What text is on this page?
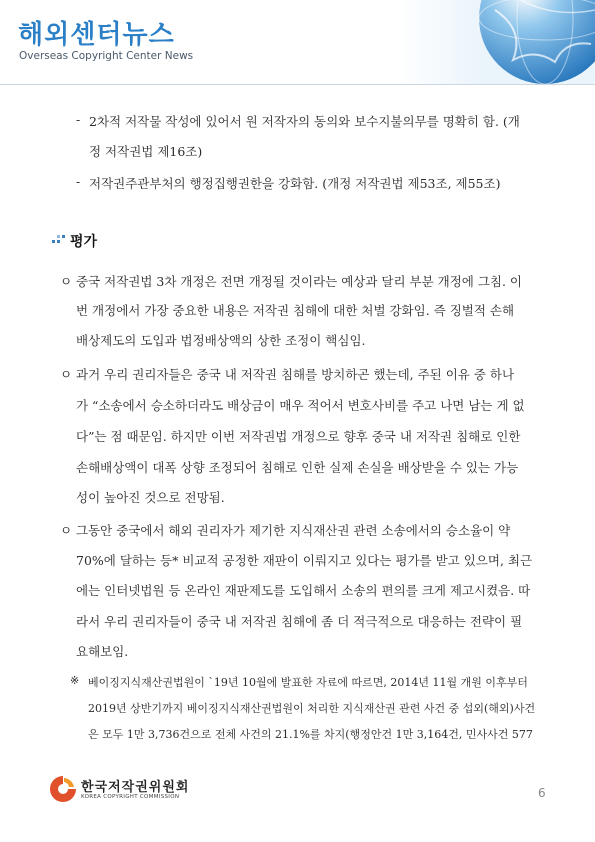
해외센터뉴스
Overseas Copyright Center News
- 2차적 저작물 작성에 있어서 원 저작자의 동의와 보수지불의무를 명확히 함. (개
정 저작권법 제16조)
- 저작권주관부처의 행정집행권한을 강화함. (개정 저작권법 제53조, 제55조)
평가
ㅇ 중국 저작권법 3차 개정은 전면 개정될 것이라는 예상과 달리 부분 개정에 그침. 이
번 개정에서 가장 중요한 내용은 저작권 침해에 대한 처벌 강화임. 즉 징벌적 손해
배상제도의 도입과 법정배상액의 상한 조정이 핵심임.
ㅇ 과거 우리 권리자들은 중국 내 저작권 침해를 방치하곤 했는데, 주된 이유 중 하나
가 “소송에서 승소하더라도 배상금이 매우 적어서 변호사비를 주고 나면 남는 게 없
다”는 점 때문임. 하지만 이번 저작권법 개정으로 향후 중국 내 저작권 침해로 인한
손해배상액이 대폭 상향 조정되어 침해로 인한 실제 손실을 배상받을 수 있는 가능
성이 높아진 것으로 전망됨.
ㅇ 그동안 중국에서 해외 권리자가 제기한 지식재산권 관련 소송에서의 승소율이 약
70%에 달하는 등* 비교적 공정한 재판이 이뤄지고 있다는 평가를 받고 있으며, 최근
에는 인터넷법원 등 온라인 재판제도를 도입해서 소송의 편의를 크게 제고시켰음. 따
라서 우리 권리자들이 중국 내 저작권 침해에 좀 더 적극적으로 대응하는 전략이 필
요해보임.
※ 베이징지식재산권법원이 `19년 10월에 발표한 자료에 따르면, 2014년 11월 개원 이후부터
2019년 상반기까지 베이징지식재산권법원이 처리한 지식재산권 관련 사건 중 섭외(해외)사건
은 모두 1만 3,736건으로 전체 사건의 21.1%를 차지(행정안건 1만 3,164건, 민사사건 577
한국저작권위원회
KOREA COPYRIGHT COMMISSION	6
